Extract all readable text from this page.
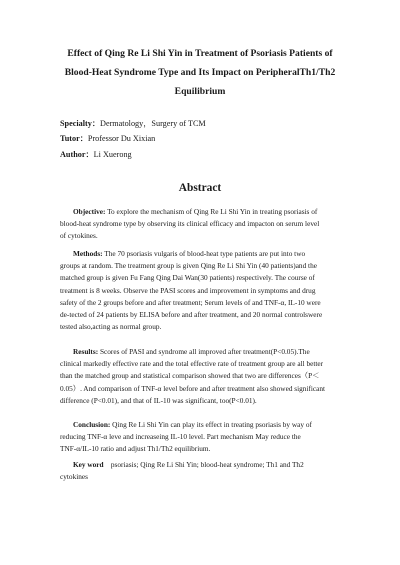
Effect of Qing Re Li Shi Yin in Treatment of Psoriasis Patients of
Blood-Heat Syndrome Type and Its Impact on PeripheralTh1/Th2
Equilibrium
Specialty：Dermatology，Surgery of TCM
Tutor：Professor Du Xixian
Author：Li Xuerong
Abstract
Objective: To explore the mechanism of Qing Re Li Shi Yin in treating psoriasis of
blood-heat syndrome type by observing its clinical efficacy and impacton on serum level
of cytokines.
Methods: The 70 psoriasis vulgaris of blood-heat type patients are put into two
groups at random. The treatment group is given Qing Re Li Shi Yin (40 patients)and the
matched group is given Fu Fang Qing Dai Wan(30 patients) respectively. The course of
treatment is 8 weeks. Observe the PASI scores and improvement in symptoms and drug
safety of the 2 groups before and after treatment; Serum levels of and TNF-α, IL-10 were
de-tected of 24 patients by ELISA before and after treatment, and 20 normal controlswere
tested also,acting as normal group.
Results: Scores of PASI and syndrome all improved after treatment(P<0.05).The
clinical markedly effective rate and the total effective rate of treatment group are all better
than the matched group and statistical comparison showed that two are differences（P＜
0.05）. And comparison of TNF-α level before and after treatment also showed significant
difference (P<0.01), and that of IL-10 was significant, too(P<0.01).
Conclusion: Qing Re Li Shi Yin can play its effect in treating psoriasis by way of
reducing TNF-α leve and increaseing IL-10 level. Part mechanism May reduce the
TNF-α/IL-10 ratio and adjust Th1/Th2 equilibrium.
Key word　psoriasis; Qing Re Li Shi Yin; blood-heat syndrome; Th1 and Th2
cytokines
